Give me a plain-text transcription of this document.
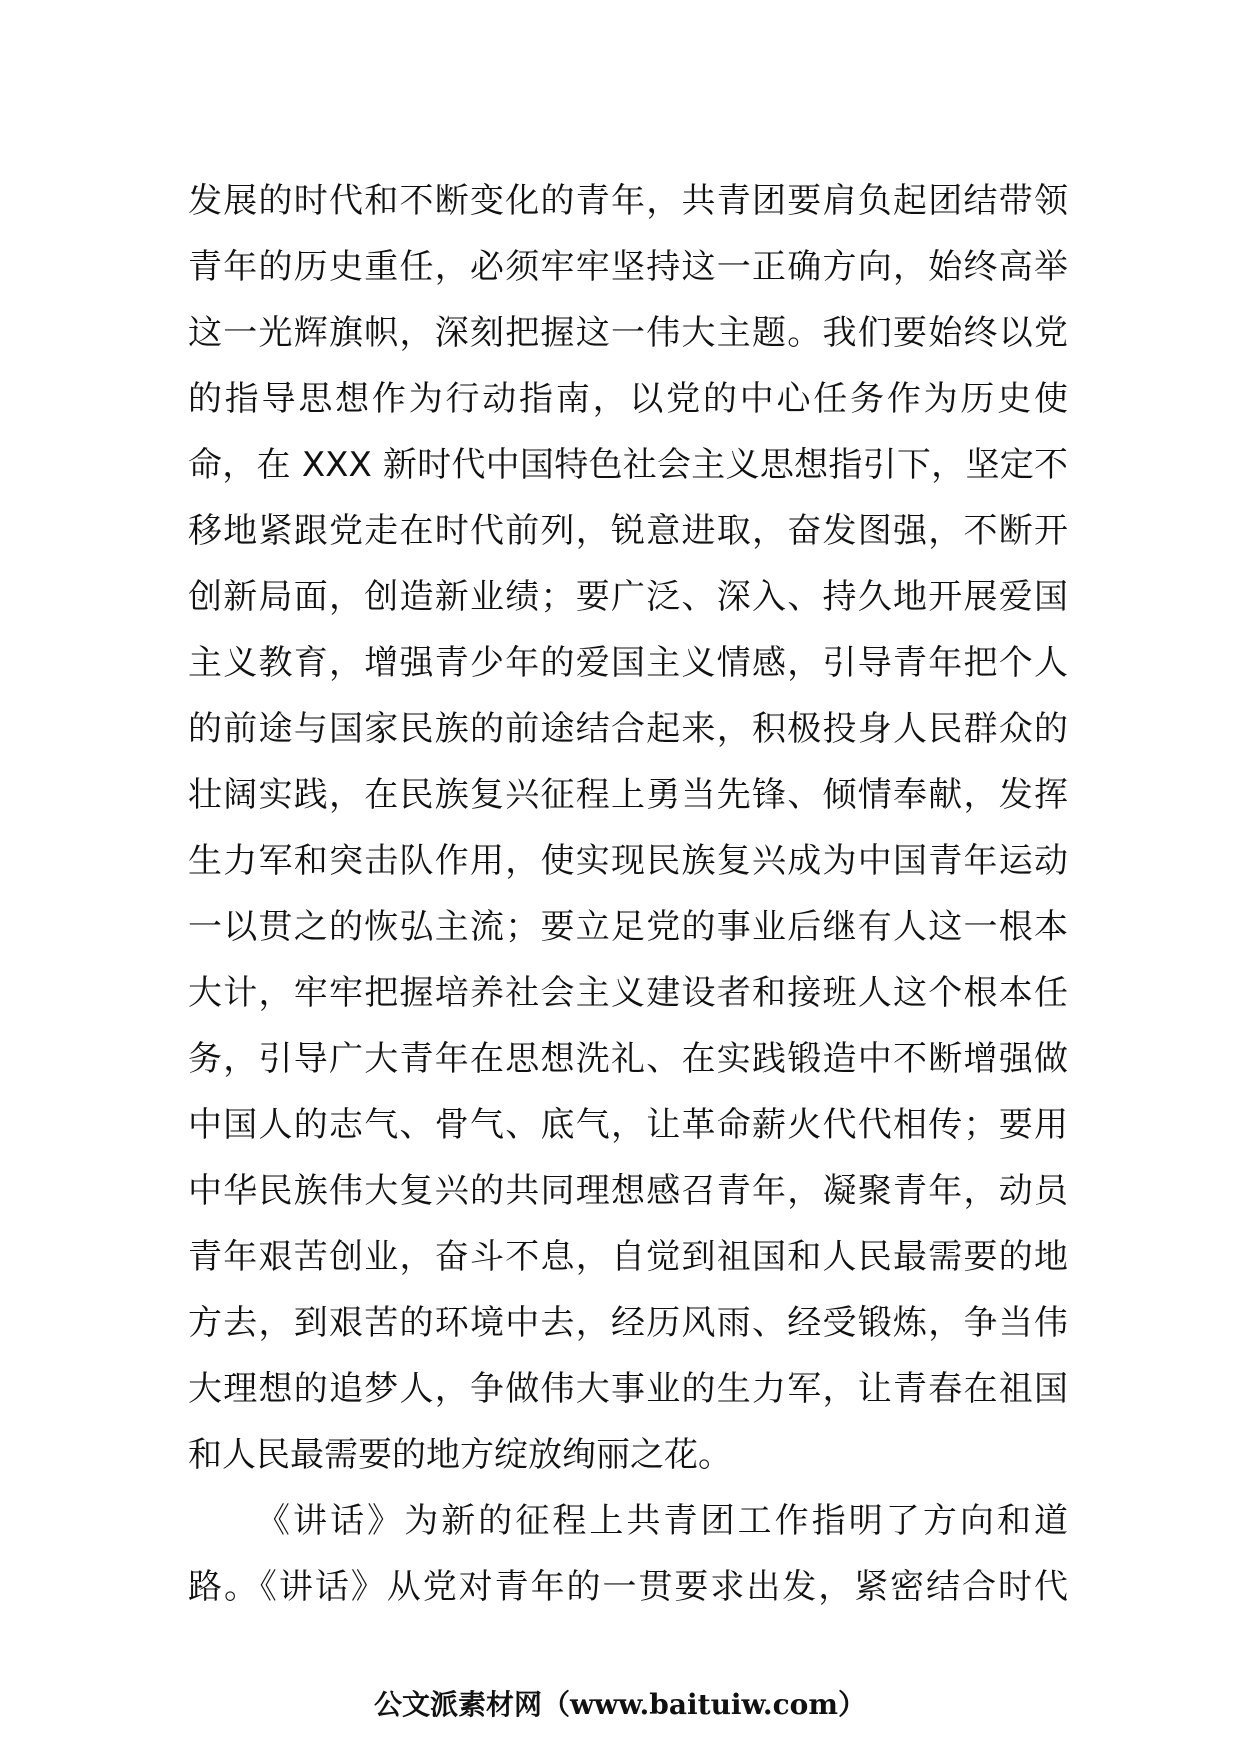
发展的时代和不断变化的青年，共青团要肩负起团结带领
青年的历史重任，必须牢牢坚持这一正确方向，始终高举
这一光辉旗帜，深刻把握这一伟大主题。我们要始终以党
的指导思想作为行动指南，以党的中心任务作为历史使
命，在 XXX 新时代中国特色社会主义思想指引下，坚定不
移地紧跟党走在时代前列，锐意进取，奋发图强，不断开
创新局面，创造新业绩；要广泛、深入、持久地开展爱国
主义教育，增强青少年的爱国主义情感，引导青年把个人
的前途与国家民族的前途结合起来，积极投身人民群众的
壮阔实践，在民族复兴征程上勇当先锋、倾情奉献，发挥
生力军和突击队作用，使实现民族复兴成为中国青年运动
一以贯之的恢弘主流；要立足党的事业后继有人这一根本
大计，牢牢把握培养社会主义建设者和接班人这个根本任
务，引导广大青年在思想洗礼、在实践锻造中不断增强做
中国人的志气、骨气、底气，让革命薪火代代相传；要用
中华民族伟大复兴的共同理想感召青年，凝聚青年，动员
青年艰苦创业，奋斗不息，自觉到祖国和人民最需要的地
方去，到艰苦的环境中去，经历风雨、经受锻炼，争当伟
大理想的追梦人，争做伟大事业的生力军，让青春在祖国
和人民最需要的地方绽放绚丽之花。
《讲话》为新的征程上共青团工作指明了方向和道
路。《讲话》从党对青年的一贯要求出发，紧密结合时代
公文派素材网（www.baituiw.com）
